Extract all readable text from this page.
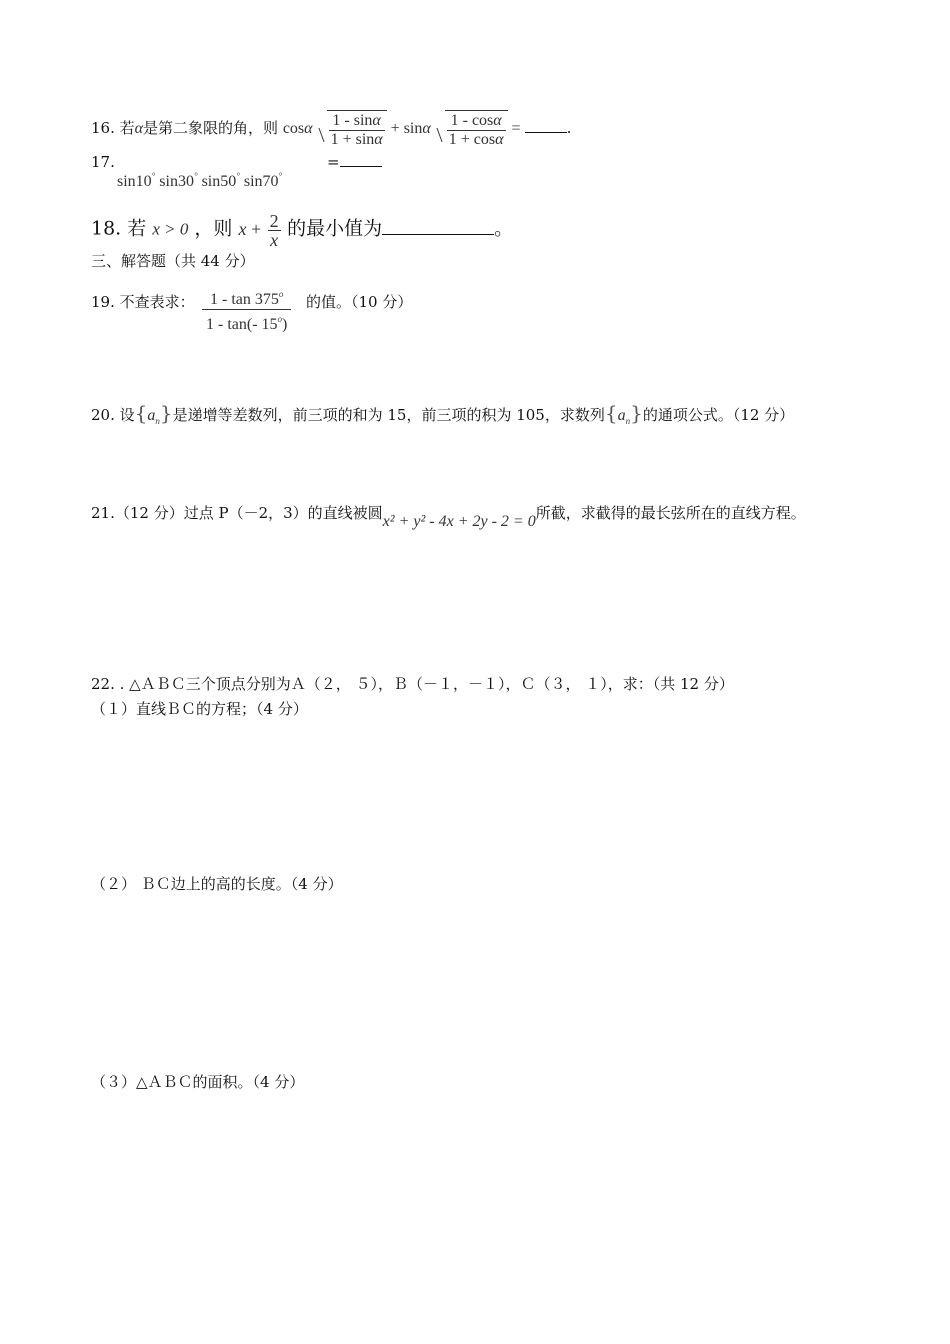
16. 若α是第二象限的角，则 cosα $\frac{1 - \sin\alpha}{1 + \sin\alpha} + \sin\alpha \frac{1 - \cos\alpha}{1 + \cos\alpha}$ =	.
17.
sin10° sin30° sin50° sin70°
=
18. 若 x > 0 ，则 $x + \frac{2}{x}$ 的最小值为	。
三、解答题（共 44 分）
19. 不查表求： $\frac{1 - \tan 375^o}{1 - \tan(- 15^o)}$ 的值。（10 分）
20. 设$\{a_n\}$是递增等差数列，前三项的和为 15，前三项的积为 105，求数列$\{a_n\}$的通项公式。（12 分）
21.（12 分）过点 P（－2，3）的直线被圆x² + y² - 4x + 2y - 2 = 0所截，求截得的最长弦所在的直线方程。
22. . △ＡＢＣ三个顶点分别为Ａ（２， ５），Ｂ（－１，－１），Ｃ（３， １），求：（共 12 分）
（１）直线ＢＣ的方程；（4 分）
（２） ＢＣ边上的高的长度。（4 分）
（３）△ＡＢＣ的面积。（4 分）
